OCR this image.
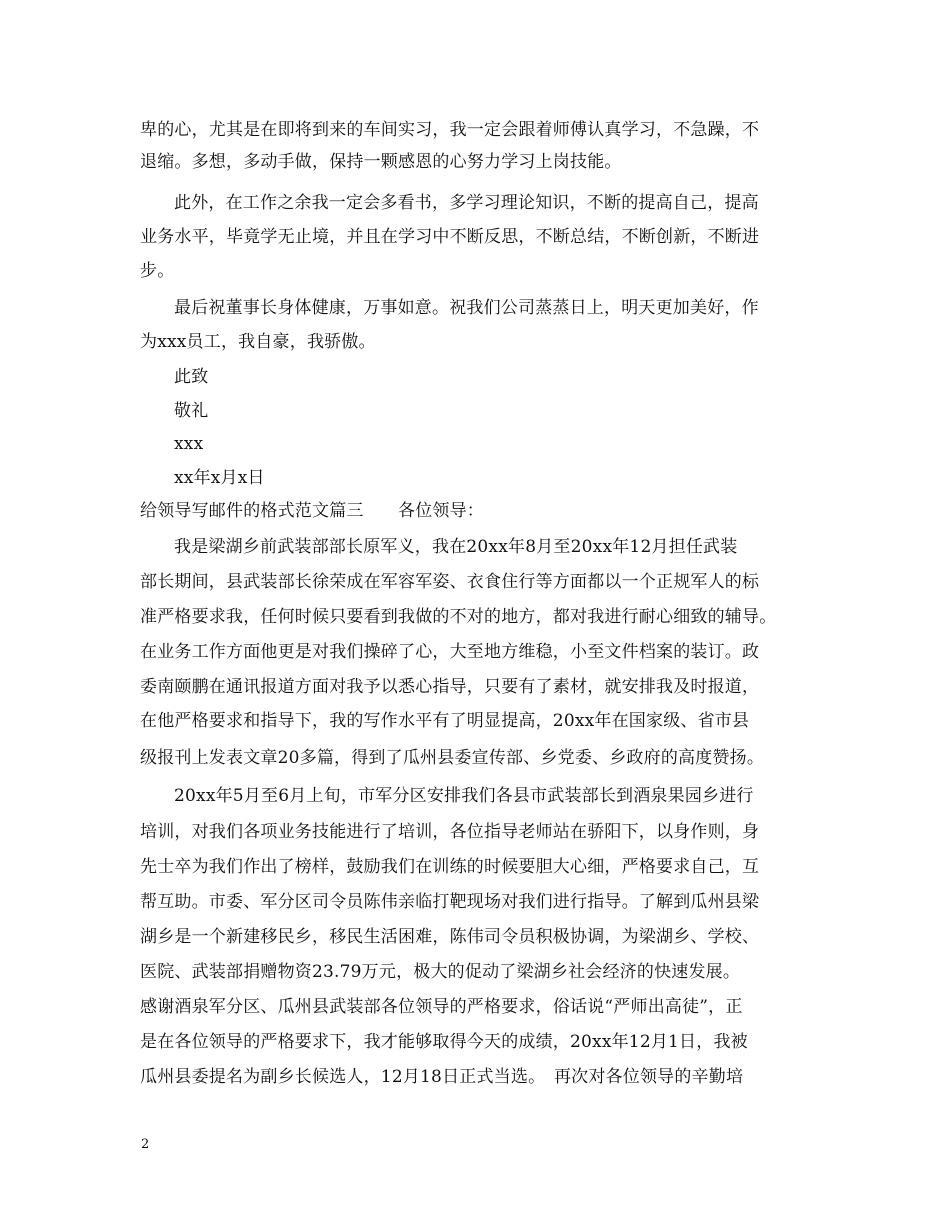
卑的心，尤其是在即将到来的车间实习，我一定会跟着师傅认真学习，不急躁，不
退缩。多想，多动手做，保持一颗感恩的心努力学习上岗技能。
此外，在工作之余我一定会多看书，多学习理论知识，不断的提高自己，提高
业务水平，毕竟学无止境，并且在学习中不断反思，不断总结，不断创新，不断进
步。
最后祝董事长身体健康，万事如意。祝我们公司蒸蒸日上，明天更加美好，作
为xxx员工，我自豪，我骄傲。
此致
敬礼
xxx
xx年x月x日
给领导写邮件的格式范文篇三　　各位领导：
我是梁湖乡前武装部部长原军义，我在20xx年8月至20xx年12月担任武装
部长期间，县武装部长徐荣成在军容军姿、衣食住行等方面都以一个正规军人的标
准严格要求我，任何时候只要看到我做的不对的地方，都对我进行耐心细致的辅导。
在业务工作方面他更是对我们操碎了心，大至地方维稳，小至文件档案的装订。政
委南颐鹏在通讯报道方面对我予以悉心指导，只要有了素材，就安排我及时报道，
在他严格要求和指导下，我的写作水平有了明显提高，20xx年在国家级、省市县
级报刊上发表文章20多篇，得到了瓜州县委宣传部、乡党委、乡政府的高度赞扬。
20xx年5月至6月上旬，市军分区安排我们各县市武装部长到酒泉果园乡进行
培训，对我们各项业务技能进行了培训，各位指导老师站在骄阳下，以身作则，身
先士卒为我们作出了榜样，鼓励我们在训练的时候要胆大心细，严格要求自己，互
帮互助。市委、军分区司令员陈伟亲临打靶现场对我们进行指导。了解到瓜州县梁
湖乡是一个新建移民乡，移民生活困难，陈伟司令员积极协调，为梁湖乡、学校、
医院、武装部捐赠物资23.79万元，极大的促动了梁湖乡社会经济的快速发展。
感谢酒泉军分区、瓜州县武装部各位领导的严格要求，俗话说“严师出高徒”，正
是在各位领导的严格要求下，我才能够取得今天的成绩，20xx年12月1日，我被
瓜州县委提名为副乡长候选人，12月18日正式当选。　再次对各位领导的辛勤培
2
